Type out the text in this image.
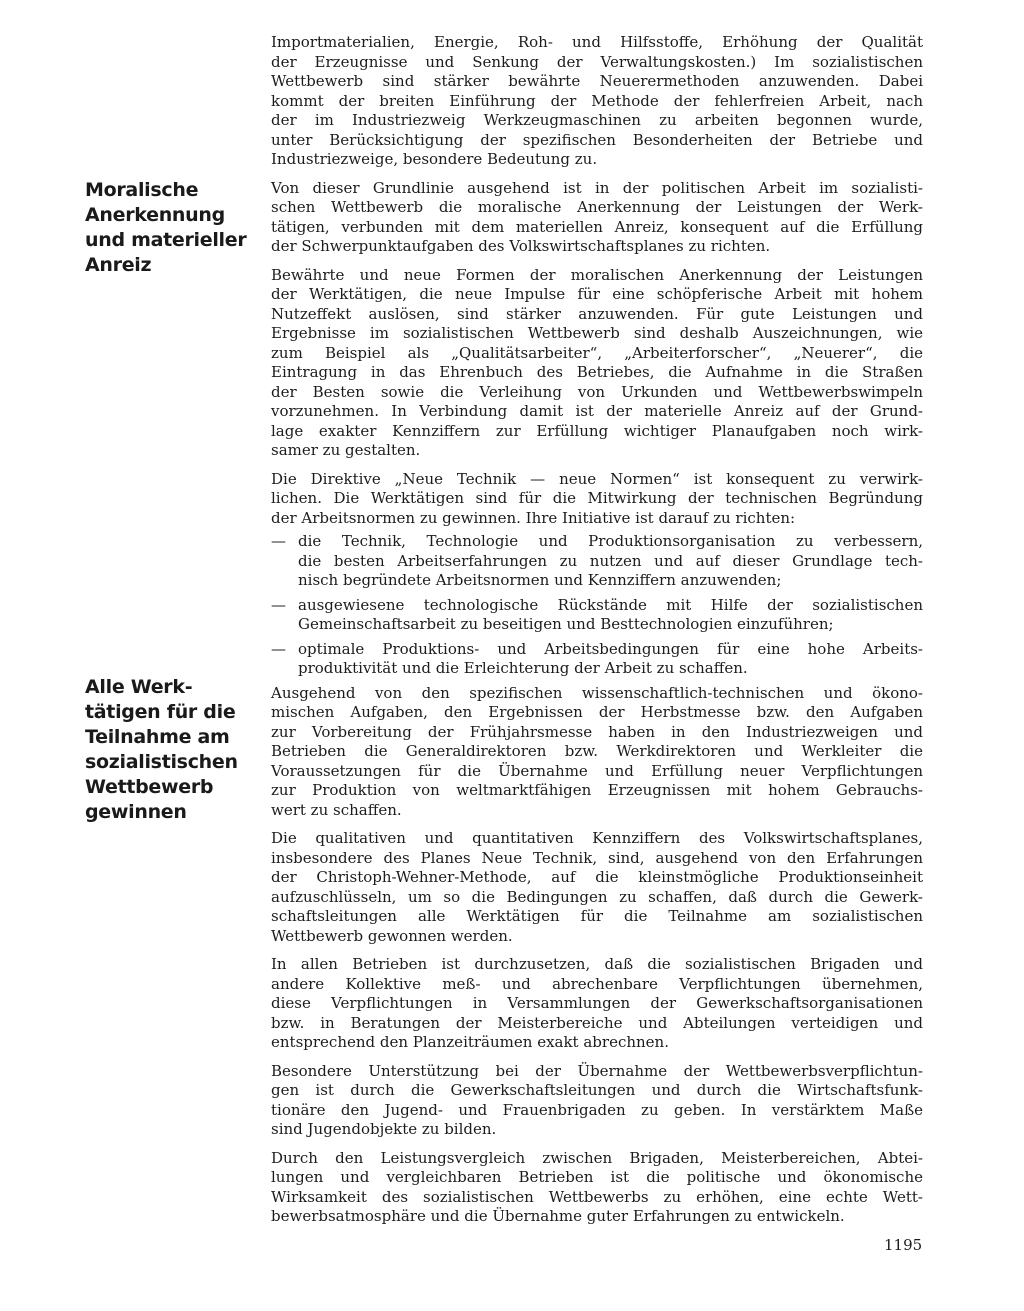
Moralische
Anerkennung
und materieller
Anreiz
Alle Werk-
tätigen für die
Teilnahme am
sozialistischen
Wettbewerb
gewinnen
Importmaterialien, Energie, Roh- und Hilfsstoffe, Erhöhung der Qualität
der Erzeugnisse und Senkung der Verwaltungskosten.) Im sozialistischen
Wettbewerb sind stärker bewährte Neuerermethoden anzuwenden. Dabei
kommt der breiten Einführung der Methode der fehlerfreien Arbeit, nach
der im Industriezweig Werkzeugmaschinen zu arbeiten begonnen wurde,
unter Berücksichtigung der spezifischen Besonderheiten der Betriebe und
Industriezweige, besondere Bedeutung zu.
Von dieser Grundlinie ausgehend ist in der politischen Arbeit im sozialisti-
schen Wettbewerb die moralische Anerkennung der Leistungen der Werk-
tätigen, verbunden mit dem materiellen Anreiz, konsequent auf die Erfüllung
der Schwerpunktaufgaben des Volkswirtschaftsplanes zu richten.
Bewährte und neue Formen der moralischen Anerkennung der Leistungen
der Werktätigen, die neue Impulse für eine schöpferische Arbeit mit hohem
Nutzeffekt auslösen, sind stärker anzuwenden. Für gute Leistungen und
Ergebnisse im sozialistischen Wettbewerb sind deshalb Auszeichnungen, wie
zum Beispiel als „Qualitätsarbeiter“, „Arbeiterforscher“, „Neuerer“, die
Eintragung in das Ehrenbuch des Betriebes, die Aufnahme in die Straßen
der Besten sowie die Verleihung von Urkunden und Wettbewerbswimpeln
vorzunehmen. In Verbindung damit ist der materielle Anreiz auf der Grund-
lage exakter Kennziffern zur Erfüllung wichtiger Planaufgaben noch wirk-
samer zu gestalten.
Die Direktive „Neue Technik — neue Normen“ ist konsequent zu verwirk-
lichen. Die Werktätigen sind für die Mitwirkung der technischen Begründung
der Arbeitsnormen zu gewinnen. Ihre Initiative ist darauf zu richten:
— die Technik, Technologie und Produktionsorganisation zu verbessern,
die besten Arbeitserfahrungen zu nutzen und auf dieser Grundlage tech-
nisch begründete Arbeitsnormen und Kennziffern anzuwenden;
— ausgewiesene technologische Rückstände mit Hilfe der sozialistischen
Gemeinschaftsarbeit zu beseitigen und Besttechnologien einzuführen;
— optimale Produktions- und Arbeitsbedingungen für eine hohe Arbeits-
produktivität und die Erleichterung der Arbeit zu schaffen.
Ausgehend von den spezifischen wissenschaftlich-technischen und ökono-
mischen Aufgaben, den Ergebnissen der Herbstmesse bzw. den Aufgaben
zur Vorbereitung der Frühjahrsmesse haben in den Industriezweigen und
Betrieben die Generaldirektoren bzw. Werkdirektoren und Werkleiter die
Voraussetzungen für die Übernahme und Erfüllung neuer Verpflichtungen
zur Produktion von weltmarktfähigen Erzeugnissen mit hohem Gebrauchs-
wert zu schaffen.
Die qualitativen und quantitativen Kennziffern des Volkswirtschaftsplanes,
insbesondere des Planes Neue Technik, sind, ausgehend von den Erfahrungen
der Christoph-Wehner-Methode, auf die kleinstmögliche Produktionseinheit
aufzuschlüsseln, um so die Bedingungen zu schaffen, daß durch die Gewerk-
schaftsleitungen alle Werktätigen für die Teilnahme am sozialistischen
Wettbewerb gewonnen werden.
In allen Betrieben ist durchzusetzen, daß die sozialistischen Brigaden und
andere Kollektive meß- und abrechenbare Verpflichtungen übernehmen,
diese Verpflichtungen in Versammlungen der Gewerkschaftsorganisationen
bzw. in Beratungen der Meisterbereiche und Abteilungen verteidigen und
entsprechend den Planzeiträumen exakt abrechnen.
Besondere Unterstützung bei der Übernahme der Wettbewerbsverpflichtun-
gen ist durch die Gewerkschaftsleitungen und durch die Wirtschaftsfunk-
tionäre den Jugend- und Frauenbrigaden zu geben. In verstärktem Maße
sind Jugendobjekte zu bilden.
Durch den Leistungsvergleich zwischen Brigaden, Meisterbereichen, Abtei-
lungen und vergleichbaren Betrieben ist die politische und ökonomische
Wirksamkeit des sozialistischen Wettbewerbs zu erhöhen, eine echte Wett-
bewerbsatmosphäre und die Übernahme guter Erfahrungen zu entwickeln.
1195
